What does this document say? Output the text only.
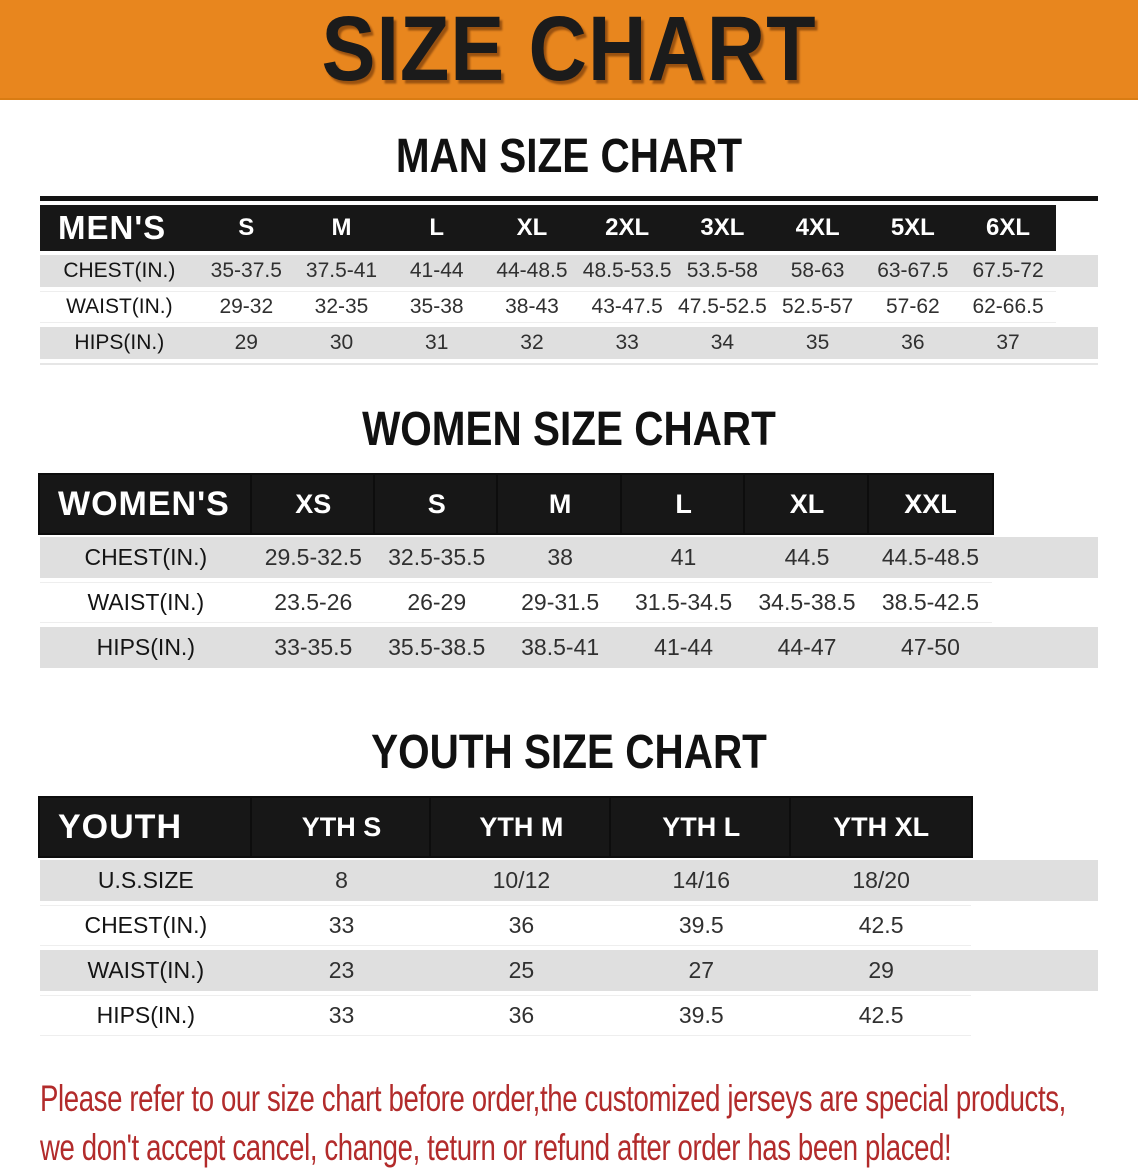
SIZE CHART
MAN SIZE CHART
MEN'S	S	M	L	XL	2XL	3XL	4XL	5XL	6XL	
CHEST(IN.)	35-37.5	37.5-41	41-44	44-48.5	48.5-53.5	53.5-58	58-63	63-67.5	67.5-72	
WAIST(IN.)	29-32	32-35	35-38	38-43	43-47.5	47.5-52.5	52.5-57	57-62	62-66.5	
HIPS(IN.)	29	30	31	32	33	34	35	36	37	
WOMEN SIZE CHART
WOMEN'S	XS	S	M	L	XL	XXL	
CHEST(IN.)	29.5-32.5	32.5-35.5	38	41	44.5	44.5-48.5	
WAIST(IN.)	23.5-26	26-29	29-31.5	31.5-34.5	34.5-38.5	38.5-42.5	
HIPS(IN.)	33-35.5	35.5-38.5	38.5-41	41-44	44-47	47-50	
YOUTH SIZE CHART
YOUTH	YTH S	YTH M	YTH L	YTH XL	
U.S.SIZE	8	10/12	14/16	18/20	
CHEST(IN.)	33	36	39.5	42.5	
WAIST(IN.)	23	25	27	29	
HIPS(IN.)	33	36	39.5	42.5	

Please refer to our size chart before order,the customized jerseys are special products, we don't accept cancel, change, teturn or refund after order has been placed!
